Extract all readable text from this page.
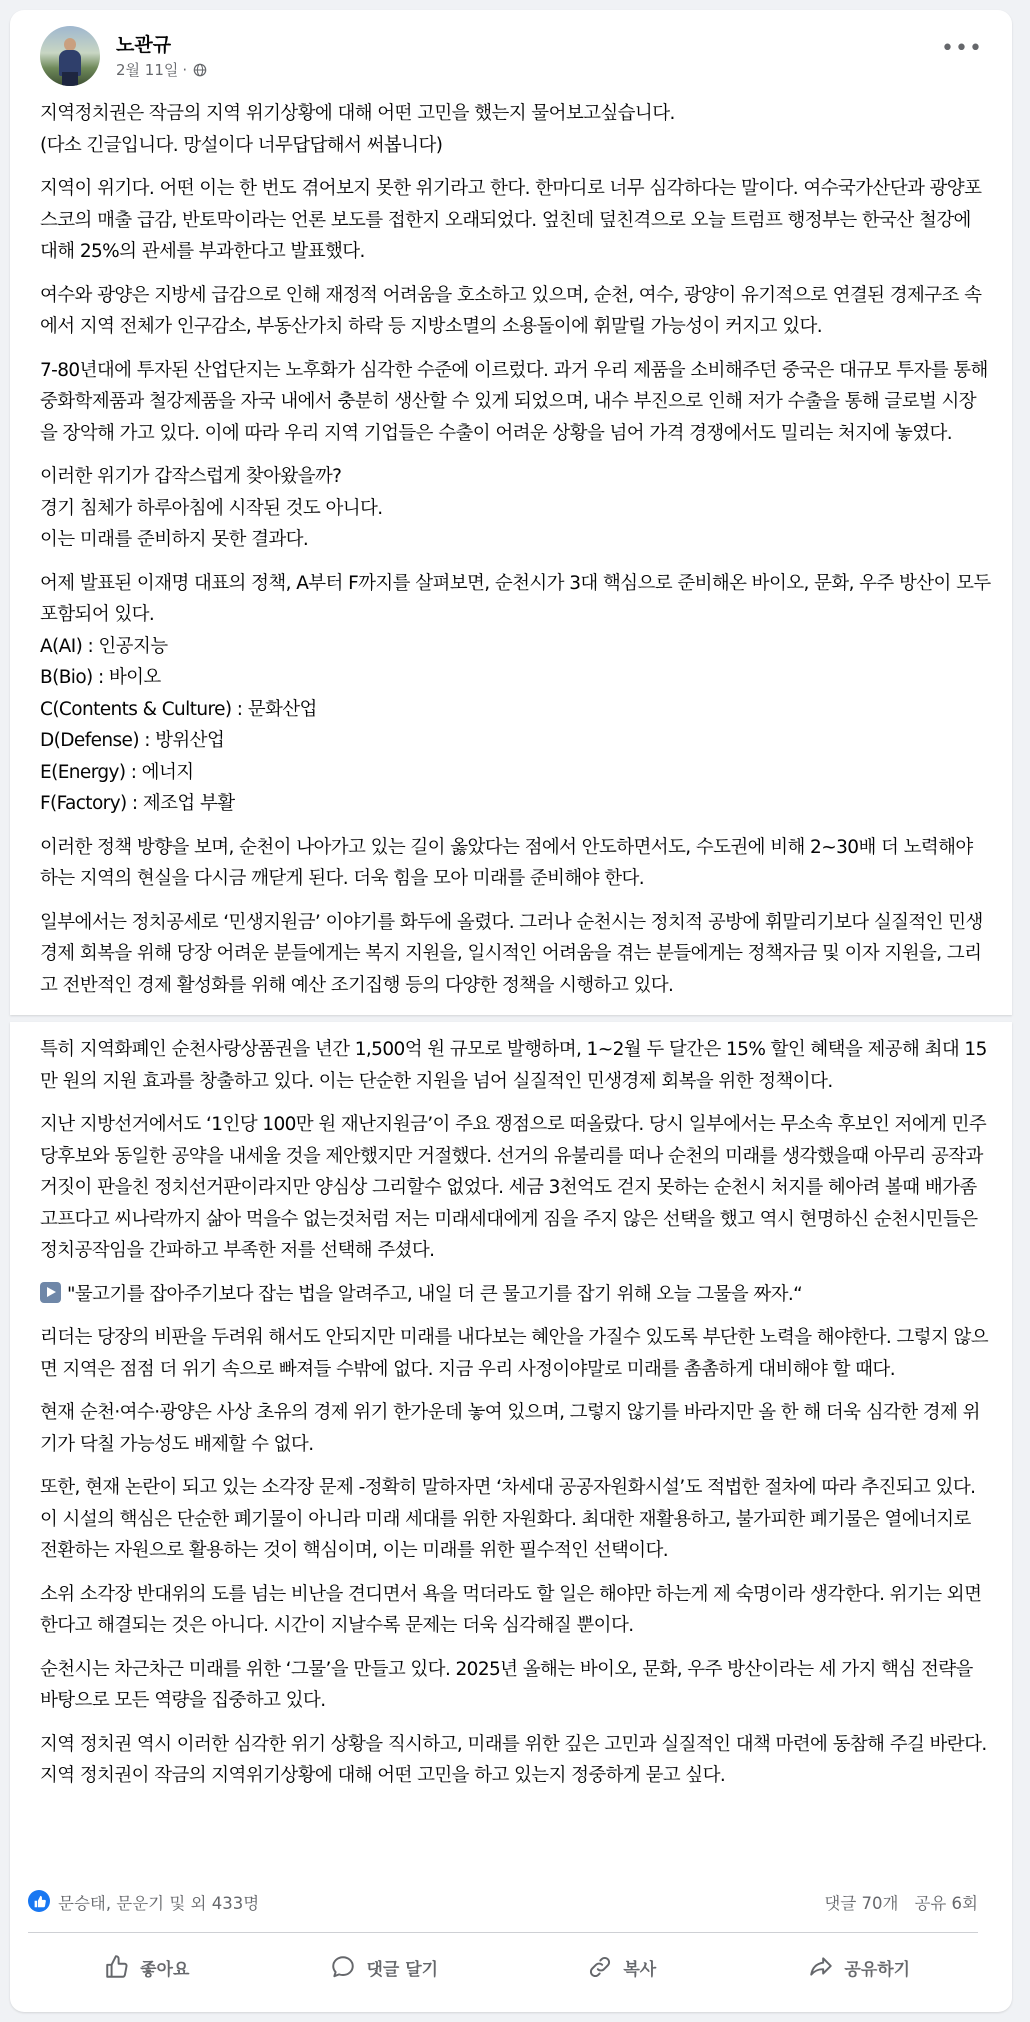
노관규
2월 11일 ·
•••

지역정치권은 작금의 지역 위기상황에 대해 어떤 고민을 했는지 물어보고싶습니다.
(다소 긴글입니다. 망설이다 너무답답해서 써봅니다)

지역이 위기다. 어떤 이는 한 번도 겪어보지 못한 위기라고 한다. 한마디로 너무 심각하다는 말이다. 여수국가산단과 광양포스코의 매출 급감, 반토막이라는 언론 보도를 접한지 오래되었다. 엎친데 덮친격으로 오늘 트럼프 행정부는 한국산 철강에 대해 25%의 관세를 부과한다고 발표했다.

여수와 광양은 지방세 급감으로 인해 재정적 어려움을 호소하고 있으며, 순천, 여수, 광양이 유기적으로 연결된 경제구조 속에서 지역 전체가 인구감소, 부동산가치 하락 등 지방소멸의 소용돌이에 휘말릴 가능성이 커지고 있다.

7-80년대에 투자된 산업단지는 노후화가 심각한 수준에 이르렀다. 과거 우리 제품을 소비해주던 중국은 대규모 투자를 통해 중화학제품과 철강제품을 자국 내에서 충분히 생산할 수 있게 되었으며, 내수 부진으로 인해 저가 수출을 통해 글로벌 시장을 장악해 가고 있다. 이에 따라 우리 지역 기업들은 수출이 어려운 상황을 넘어 가격 경쟁에서도 밀리는 처지에 놓였다.

이러한 위기가 갑작스럽게 찾아왔을까?
경기 침체가 하루아침에 시작된 것도 아니다.
이는 미래를 준비하지 못한 결과다.

어제 발표된 이재명 대표의 정책, A부터 F까지를 살펴보면, 순천시가 3대 핵심으로 준비해온 바이오, 문화, 우주 방산이 모두 포함되어 있다.
A(AI) : 인공지능
B(Bio) : 바이오
C(Contents & Culture) : 문화산업
D(Defense) : 방위산업
E(Energy) : 에너지
F(Factory) : 제조업 부활

이러한 정책 방향을 보며, 순천이 나아가고 있는 길이 옳았다는 점에서 안도하면서도, 수도권에 비해 2~30배 더 노력해야 하는 지역의 현실을 다시금 깨닫게 된다. 더욱 힘을 모아 미래를 준비해야 한다.

일부에서는 정치공세로 ‘민생지원금’ 이야기를 화두에 올렸다. 그러나 순천시는 정치적 공방에 휘말리기보다 실질적인 민생경제 회복을 위해 당장 어려운 분들에게는 복지 지원을, 일시적인 어려움을 겪는 분들에게는 정책자금 및 이자 지원을, 그리고 전반적인 경제 활성화를 위해 예산 조기집행 등의 다양한 정책을 시행하고 있다.

특히 지역화폐인 순천사랑상품권을 년간 1,500억 원 규모로 발행하며, 1~2월 두 달간은 15% 할인 혜택을 제공해 최대 15만 원의 지원 효과를 창출하고 있다. 이는 단순한 지원을 넘어 실질적인 민생경제 회복을 위한 정책이다.

지난 지방선거에서도 ‘1인당 100만 원 재난지원금’이 주요 쟁점으로 떠올랐다. 당시 일부에서는 무소속 후보인 저에게 민주당후보와 동일한 공약을 내세울 것을 제안했지만 거절했다. 선거의 유불리를 떠나 순천의 미래를 생각했을때 아무리 공작과 거짓이 판을친 정치선거판이라지만 양심상 그리할수 없었다. 세금 3천억도 걷지 못하는 순천시 처지를 헤아려 볼때 배가좀 고프다고 씨나락까지 삶아 먹을수 없는것처럼 저는 미래세대에게 짐을 주지 않은 선택을 했고 역시 현명하신 순천시민들은 정치공작임을 간파하고 부족한 저를 선택해 주셨다.

"물고기를 잡아주기보다 잡는 법을 알려주고, 내일 더 큰 물고기를 잡기 위해 오늘 그물을 짜자.“

리더는 당장의 비판을 두려워 해서도 안되지만 미래를 내다보는 혜안을 가질수 있도록 부단한 노력을 해야한다. 그렇지 않으면 지역은 점점 더 위기 속으로 빠져들 수밖에 없다. 지금 우리 사정이야말로 미래를 촘촘하게 대비해야 할 때다.

현재 순천·여수·광양은 사상 초유의 경제 위기 한가운데 놓여 있으며, 그렇지 않기를 바라지만 올 한 해 더욱 심각한 경제 위기가 닥칠 가능성도 배제할 수 없다.

또한, 현재 논란이 되고 있는 소각장 문제 -정확히 말하자면 ‘차세대 공공자원화시설’도 적법한 절차에 따라 추진되고 있다. 이 시설의 핵심은 단순한 폐기물이 아니라 미래 세대를 위한 자원화다. 최대한 재활용하고, 불가피한 폐기물은 열에너지로 전환하는 자원으로 활용하는 것이 핵심이며, 이는 미래를 위한 필수적인 선택이다.

소위 소각장 반대위의 도를 넘는 비난을 견디면서 욕을 먹더라도 할 일은 해야만 하는게 제 숙명이라 생각한다. 위기는 외면한다고 해결되는 것은 아니다. 시간이 지날수록 문제는 더욱 심각해질 뿐이다.

순천시는 차근차근 미래를 위한 ‘그물’을 만들고 있다. 2025년 올해는 바이오, 문화, 우주 방산이라는 세 가지 핵심 전략을 바탕으로 모든 역량을 집중하고 있다.

지역 정치권 역시 이러한 심각한 위기 상황을 직시하고, 미래를 위한 깊은 고민과 실질적인 대책 마련에 동참해 주길 바란다.
지역 정치권이 작금의 지역위기상황에 대해 어떤 고민을 하고 있는지 정중하게 묻고 싶다.

문승태, 문운기 및 외 433명	댓글 70개 공유 6회
좋아요	댓글 달기	복사	공유하기
